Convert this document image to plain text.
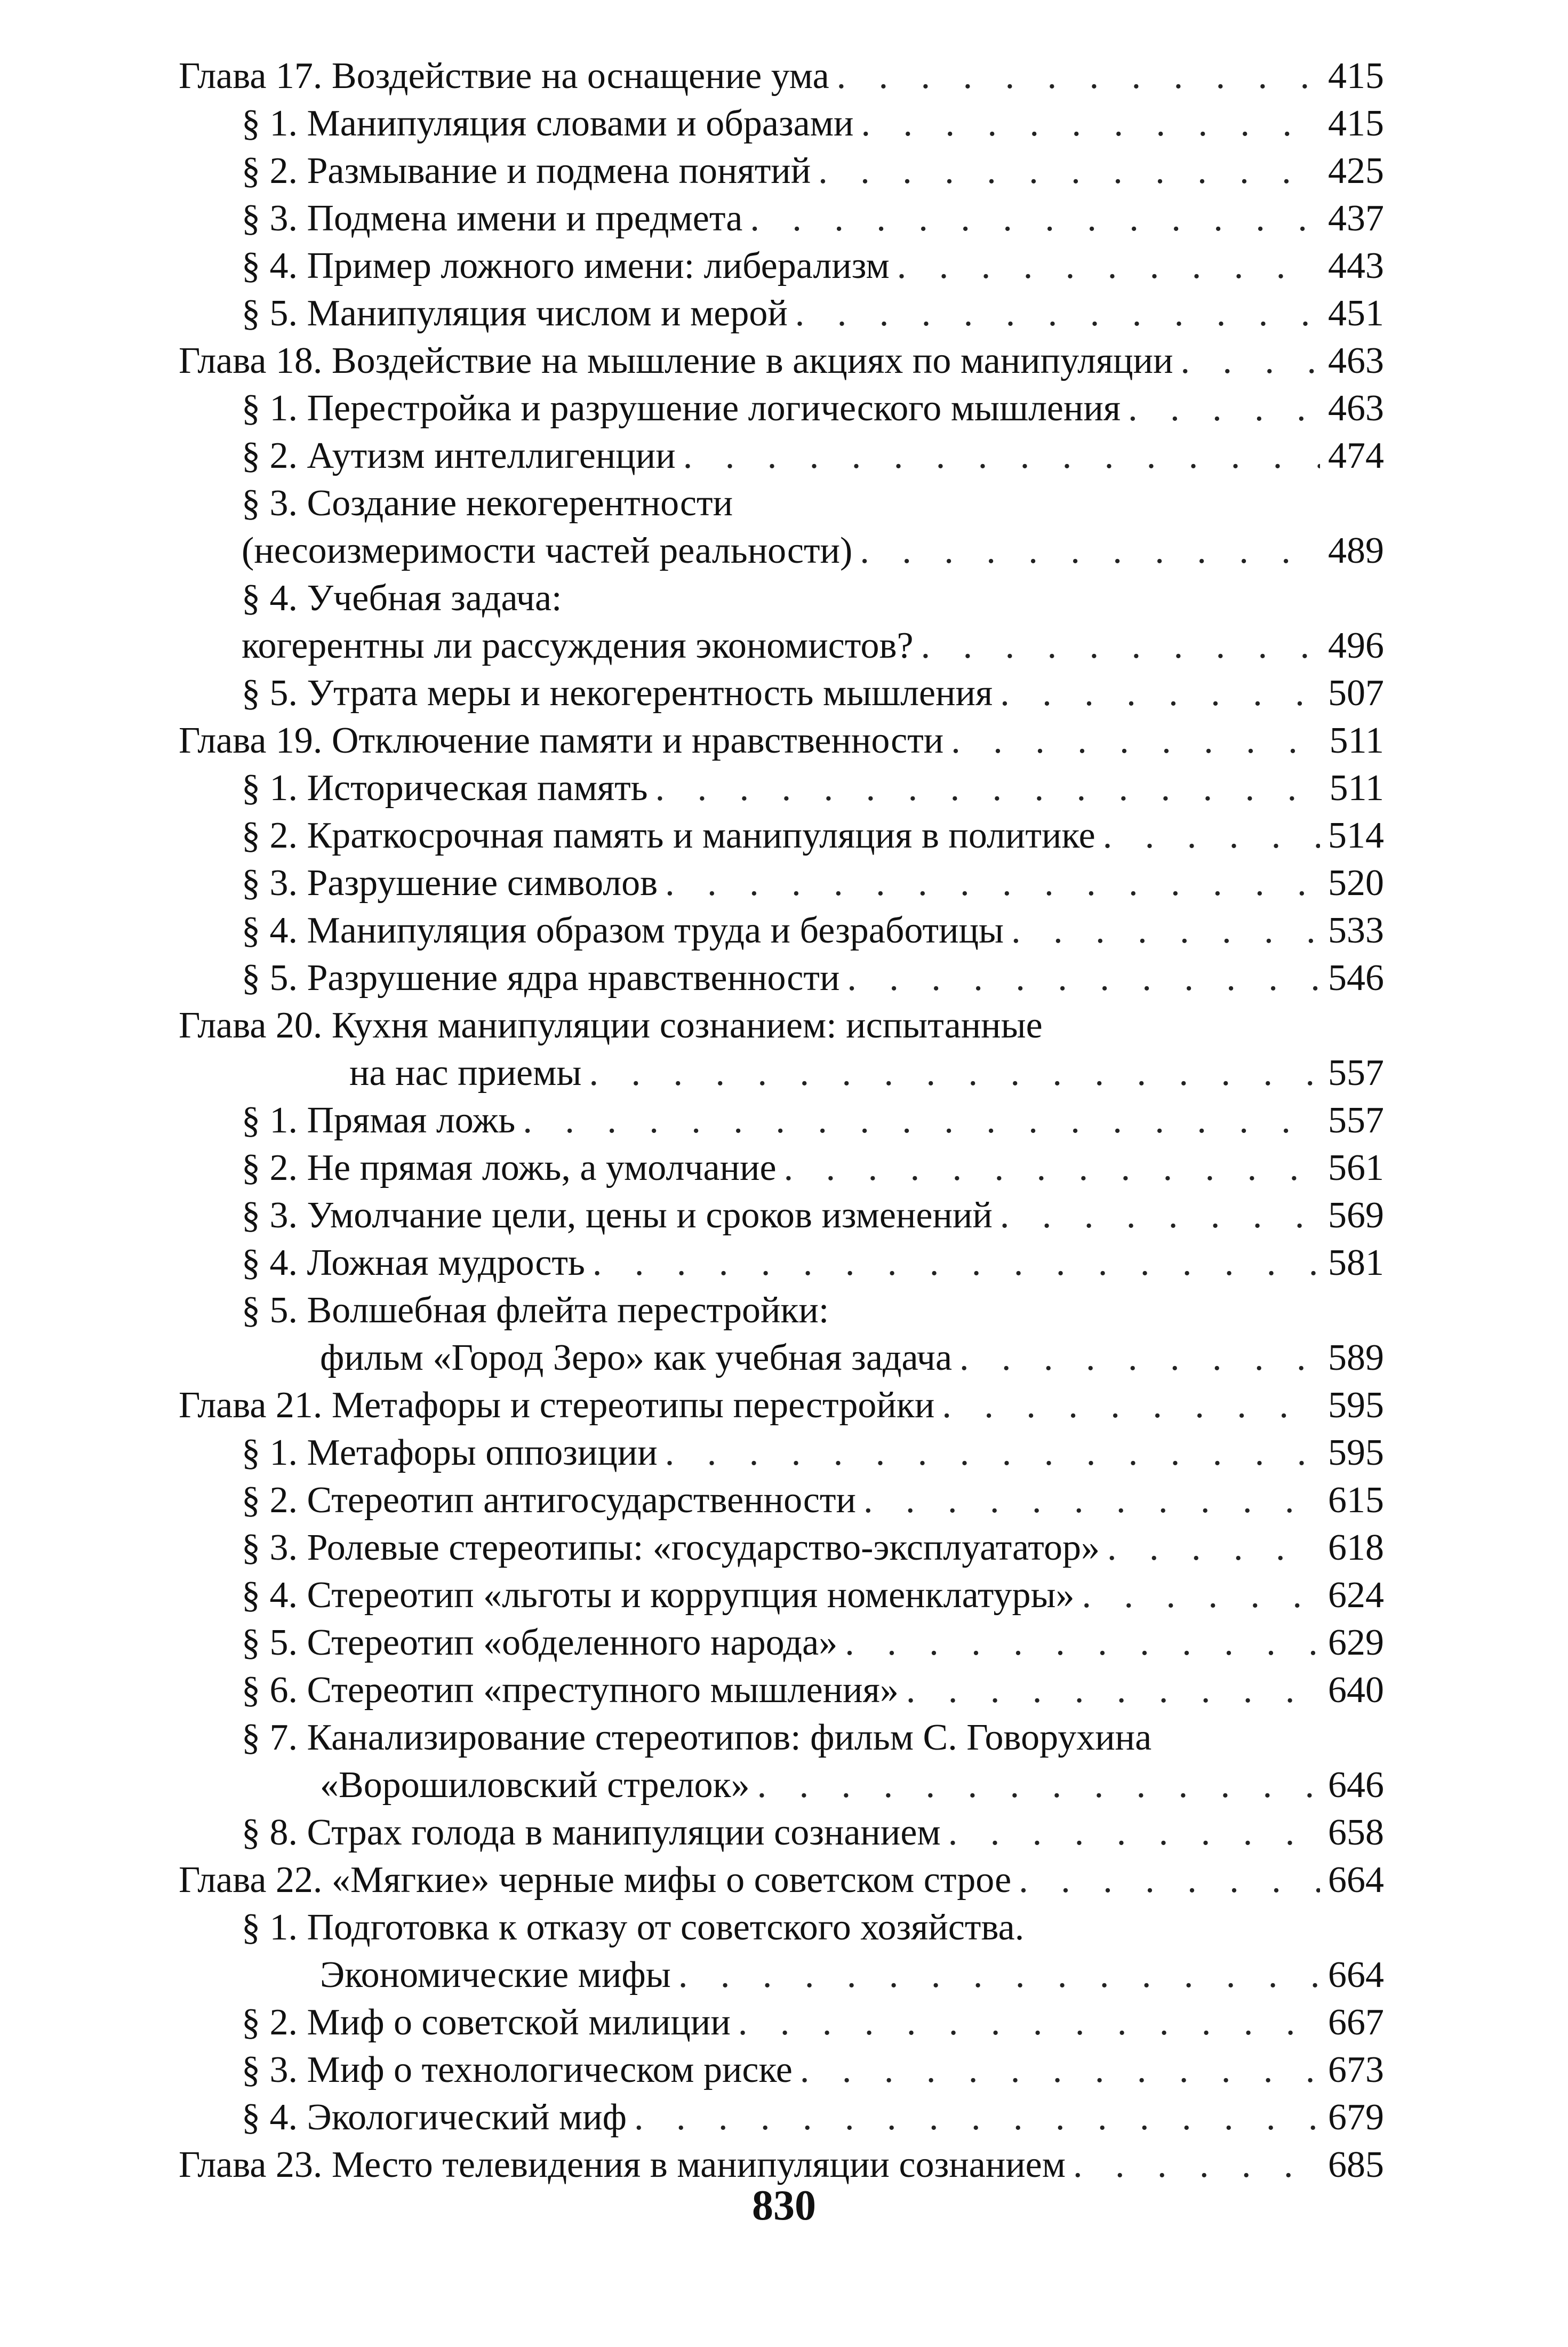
Глава 17. Воздействие на оснащение ума . . .	415
§ 1. Манипуляция словами и образами . . .	415
§ 2. Размывание и подмена понятий . . .	425
§ 3. Подмена имени и предмета . . .	437
§ 4. Пример ложного имени: либерализм . . .	443
§ 5. Манипуляция числом и мерой . . .	451
Глава 18. Воздействие на мышление в акциях по манипуляции . . .	463
§ 1. Перестройка и разрушение логического мышления . . .	463
§ 2. Аутизм интеллигенции . . .	474
§ 3. Создание некогерентности
(несоизмеримости частей реальности) . . .	489
§ 4. Учебная задача:
когерентны ли рассуждения экономистов? . . .	496
§ 5. Утрата меры и некогерентность мышления . . .	507
Глава 19. Отключение памяти и нравственности . . .	511
§ 1. Историческая память . . .	511
§ 2. Краткосрочная память и манипуляция в политике . . .	514
§ 3. Разрушение символов . . .	520
§ 4. Манипуляция образом труда и безработицы . . .	533
§ 5. Разрушение ядра нравственности . . .	546
Глава 20. Кухня манипуляции сознанием: испытанные
на нас приемы . . .	557
§ 1. Прямая ложь . . .	557
§ 2. Не прямая ложь, а умолчание . . .	561
§ 3. Умолчание цели, цены и сроков изменений . . .	569
§ 4. Ложная мудрость . . .	581
§ 5. Волшебная флейта перестройки:
фильм «Город Зеро» как учебная задача . . .	589
Глава 21. Метафоры и стереотипы перестройки . . .	595
§ 1. Метафоры оппозиции . . .	595
§ 2. Стереотип антигосударственности . . .	615
§ 3. Ролевые стереотипы: «государство-эксплуататор» . . .	618
§ 4. Стереотип «льготы и коррупция номенклатуры» . . .	624
§ 5. Стереотип «обделенного народа» . . .	629
§ 6. Стереотип «преступного мышления» . . .	640
§ 7. Канализирование стереотипов: фильм С. Говорухина
«Ворошиловский стрелок» . . .	646
§ 8. Страх голода в манипуляции сознанием . . .	658
Глава 22. «Мягкие» черные мифы о советском строе . . .	664
§ 1. Подготовка к отказу от советского хозяйства.
Экономические мифы . . .	664
§ 2. Миф о советской милиции . . .	667
§ 3. Миф о технологическом риске . . .	673
§ 4. Экологический миф . . .	679
Глава 23. Место телевидения в манипуляции сознанием . . .	685
830
